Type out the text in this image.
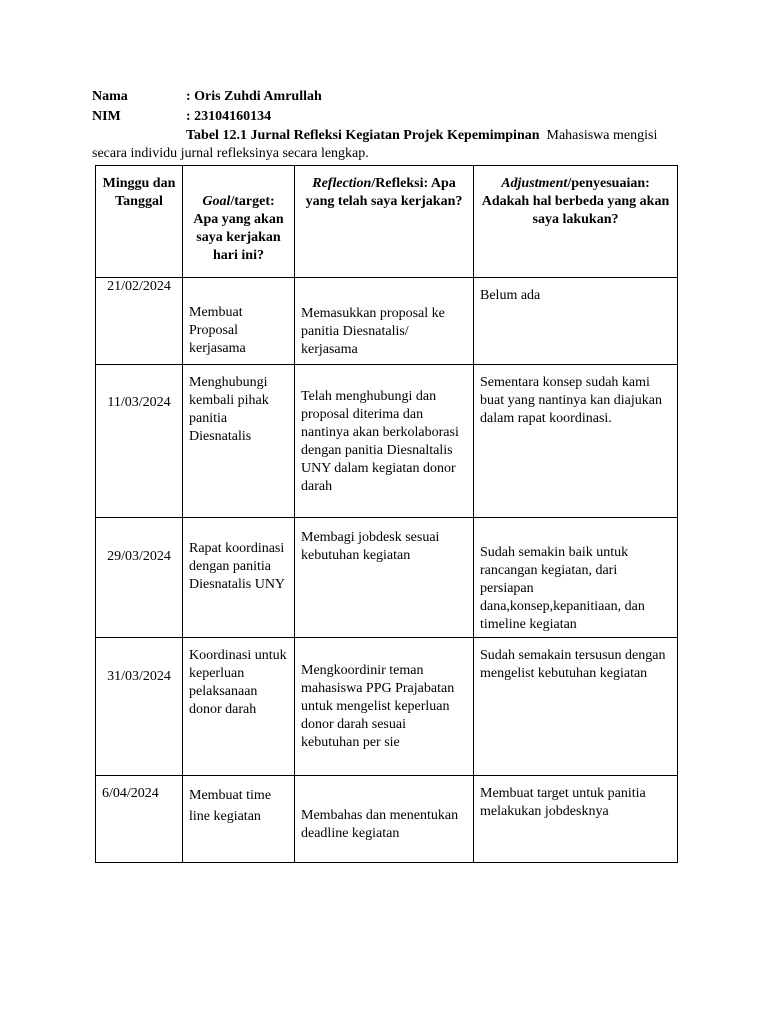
Nama	: Oris Zuhdi Amrullah
NIM	: 23104160134
Tabel 12.1 Jurnal Refleksi Kegiatan Projek Kepemimpinan Mahasiswa mengisi secara individu jurnal refleksinya secara lengkap.
Minggu dan Tanggal	Goal/target: Apa yang akan saya kerjakan hari ini?	Reflection/Refleksi: Apa yang telah saya kerjakan?	Adjustment/penyesuaian: Adakah hal berbeda yang akan saya lakukan?
21/02/2024	Membuat Proposal kerjasama	Memasukkan proposal ke panitia Diesnatalis/ kerjasama	Belum ada

11/03/2024	Menghubungi kembali pihak panitia Diesnatalis	Telah menghubungi dan proposal diterima dan nantinya akan berkolaborasi dengan panitia Diesnaltalis UNY dalam kegiatan donor darah	Sementara konsep sudah kami buat yang nantinya kan diajukan dalam rapat koordinasi.

29/03/2024	Rapat koordinasi dengan panitia Diesnatalis UNY	Membagi jobdesk sesuai kebutuhan kegiatan	Sudah semakin baik untuk rancangan kegiatan, dari persiapan dana,konsep,kepanitiaan, dan timeline kegiatan

31/03/2024	Koordinasi untuk keperluan pelaksanaan donor darah	Mengkoordinir teman mahasiswa PPG Prajabatan untuk mengelist keperluan donor darah sesuai kebutuhan per sie	Sudah semakain tersusun dengan mengelist kebutuhan kegiatan

6/04/2024	Membuat time line kegiatan	Membahas dan menentukan deadline kegiatan	Membuat target untuk panitia melakukan jobdesknya
